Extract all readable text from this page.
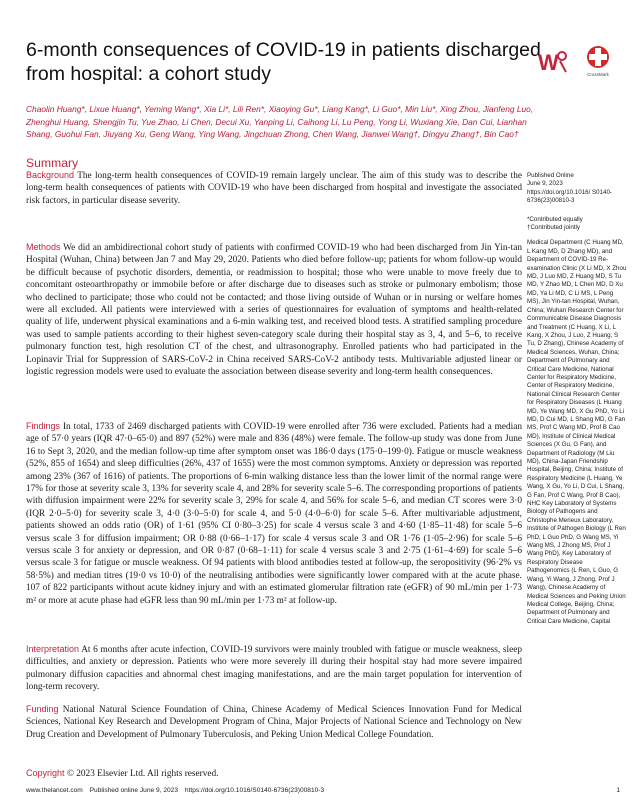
6-month consequences of COVID-19 in patients discharged from hospital: a cohort study	W	CrossMark
Chaolin Huang*, Lixue Huang*, Yeming Wang*, Xia Li*, Lili Ren*, Xiaoying Gu*, Liang Kang*, Li Guo*, Min Liu*, Xing Zhou, Jianfeng Luo, Zhenghui Huang, Shengjin Tu, Yue Zhao, Li Chen, Decui Xu, Yanping Li, Caihong Li, Lu Peng, Yong Li, Wuxiang Xie, Dan Cui, Lianhan Shang, Guohui Fan, Jiuyang Xu, Geng Wang, Ying Wang, Jingchuan Zhong, Chen Wang, Jianwei Wang†, Dingyu Zhang†, Bin Cao†
Summary

Background The long-term health consequences of COVID-19 remain largely unclear. The aim of this study was to describe the long-term health consequences of patients with COVID-19 who have been discharged from hospital and investigate the associated risk factors, in particular disease severity.

Methods We did an ambidirectional cohort study of patients with confirmed COVID-19 who had been discharged from Jin Yin-tan Hospital (Wuhan, China) between Jan 7 and May 29, 2020. Patients who died before follow-up; patients for whom follow-up would be difficult because of psychotic disorders, dementia, or readmission to hospital; those who were unable to move freely due to concomitant osteoarthropathy or immobile before or after discharge due to diseases such as stroke or pulmonary embolism; those who declined to participate; those who could not be contacted; and those living outside of Wuhan or in nursing or welfare homes were all excluded. All patients were interviewed with a series of questionnaires for evaluation of symptoms and health-related quality of life, underwent physical examinations and a 6-min walking test, and received blood tests. A stratified sampling procedure was used to sample patients according to their highest seven-category scale during their hospital stay as 3, 4, and 5–6, to receive pulmonary function test, high resolution CT of the chest, and ultrasonography. Enrolled patients who had participated in the Lopinavir Trial for Suppression of SARS-CoV-2 in China received SARS-CoV-2 antibody tests. Multivariable adjusted linear or logistic regression models were used to evaluate the association between disease severity and long-term health consequences.

Findings In total, 1733 of 2469 discharged patients with COVID-19 were enrolled after 736 were excluded. Patients had a median age of 57·0 years (IQR 47·0–65·0) and 897 (52%) were male and 836 (48%) were female. The follow-up study was done from June 16 to Sept 3, 2020, and the median follow-up time after symptom onset was 186·0 days (175·0–199·0). Fatigue or muscle weakness (52%, 855 of 1654) and sleep difficulties (26%, 437 of 1655) were the most common symptoms. Anxiety or depression was reported among 23% (367 of 1616) of patients. The proportions of 6-min walking distance less than the lower limit of the normal range were 17% for those at severity scale 3, 13% for severity scale 4, and 28% for severity scale 5–6. The corresponding proportions of patients with diffusion impairment were 22% for severity scale 3, 29% for scale 4, and 56% for scale 5–6, and median CT scores were 3·0 (IQR 2·0–5·0) for severity scale 3, 4·0 (3·0–5·0) for scale 4, and 5·0 (4·0–6·0) for scale 5–6. After multivariable adjustment, patients showed an odds ratio (OR) of 1·61 (95% CI 0·80–3·25) for scale 4 versus scale 3 and 4·60 (1·85–11·48) for scale 5–6 versus scale 3 for diffusion impairment; OR 0·88 (0·66–1·17) for scale 4 versus scale 3 and OR 1·76 (1·05–2·96) for scale 5–6 versus scale 3 for anxiety or depression, and OR 0·87 (0·68–1·11) for scale 4 versus scale 3 and 2·75 (1·61–4·69) for scale 5–6 versus scale 3 for fatigue or muscle weakness. Of 94 patients with blood antibodies tested at follow-up, the seropositivity (96·2% vs 58·5%) and median titres (19·0 vs 10·0) of the neutralising antibodies were significantly lower compared with at the acute phase. 107 of 822 participants without acute kidney injury and with an estimated glomerular filtration rate (eGFR) of 90 mL/min per 1·73 m² or more at acute phase had eGFR less than 90 mL/min per 1·73 m² at follow-up.

Interpretation At 6 months after acute infection, COVID-19 survivors were mainly troubled with fatigue or muscle weakness, sleep difficulties, and anxiety or depression. Patients who were more severely ill during their hospital stay had more severe impaired pulmonary diffusion capacities and abnormal chest imaging manifestations, and are the main target population for intervention of long-term recovery.

Funding National Natural Science Foundation of China, Chinese Academy of Medical Sciences Innovation Fund for Medical Sciences, National Key Research and Development Program of China, Major Projects of National Science and Technology on New Drug Creation and Development of Pulmonary Tuberculosis, and Peking Union Medical College Foundation.

Copyright © 2023 Elsevier Ltd. All rights reserved.

Published Online
June 9, 2023
https://doi.org/10.1016/ S0140-6736(23)00810-3
*Contributed equally
†Contributed jointly
Medical Department (C Huang MD, L Kang MD, D Zhang MD), and Department of COVID-19 Re-examination Clinic (X Li MD, X Zhou MD, J Luo MD, Z Huang MD, S Tu MD, Y Zhao MD, L Chen MD, D Xu MD, Ya Li MD, C Li MS, L Peng MS), Jin Yin-tan Hospital, Wuhan, China; Wuhan Research Center for Communicable Disease Diagnosis and Treatment (C Huang, X Li, L Kang, X Zhou, J Luo, Z Huang, S Tu, D Zhang), Chinese Academy of Medical Sciences, Wuhan, China; Department of Pulmonary and Critical Care Medicine, National Center for Respiratory Medicine, Center of Respiratory Medicine, National Clinical Research Center for Respiratory Diseases (L Huang MD, Ye Wang MD, X Gu PhD, Yo Li MD, D Cui MD, L Shang MD, G Fan MS, Prof C Wang MD, Prof B Cao MD), Institute of Clinical Medical Sciences (X Gu, G Fan), and Department of Radiology (M Liu MD), China-Japan Friendship Hospital, Beijing, China; Institute of Respiratory Medicine (L Huang, Ye Wang, X Gu, Yo Li, D Cui, L Shang, G Fan, Prof C Wang, Prof B Cao), NHC Key Laboratory of Systems Biology of Pathogens and Christophe Merieux Laboratory, Institute of Pathogen Biology (L Ren PhD, L Guo PhD, G Wang MS, Yi Wang MS, J Zhong MS, Prof J Wang PhD), Key Laboratory of Respiratory Disease Pathogenomics (L Ren, L Guo, G Wang, Yi Wang, J Zhong, Prof J Wang), Chinese Academy of Medical Sciences and Peking Union Medical College, Beijing, China; Department of Pulmonary and Critical Care Medicine, Capital
www.thelancet.com Published online June 9, 2023 https://doi.org/10.1016/S0140-6736(23)00810-3	1
